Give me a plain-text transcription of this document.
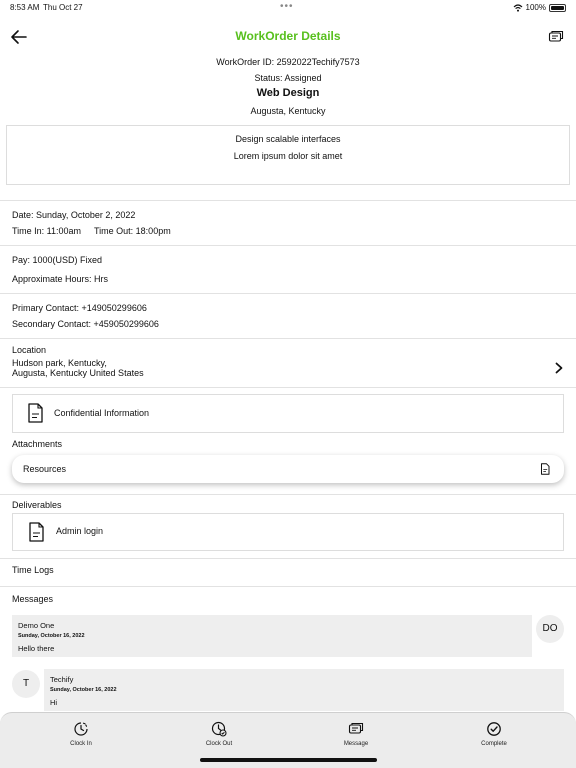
8:53 AM Thu Oct 27	•••	100%
WorkOrder Details
WorkOrder ID: 2592022Techify7573
Status: Assigned
Web Design
Augusta, Kentucky
Design scalable interfaces
Lorem ipsum dolor sit amet
Date: Sunday, October 2, 2022
Time In: 11:00am Time Out: 18:00pm
Pay: 1000(USD) Fixed
Approximate Hours: Hrs
Primary Contact: +149050299606
Secondary Contact: +459050299606
Location
Hudson park, Kentucky,
Augusta, Kentucky United States
Confidential Information
Attachments
Resources
Deliverables
Admin login
Time Logs
Messages
Demo One
Sunday, October 16, 2022
Hello there
DO
T	Techify
Sunday, October 16, 2022
Hi
Clock In	Clock Out	Message	Complete
